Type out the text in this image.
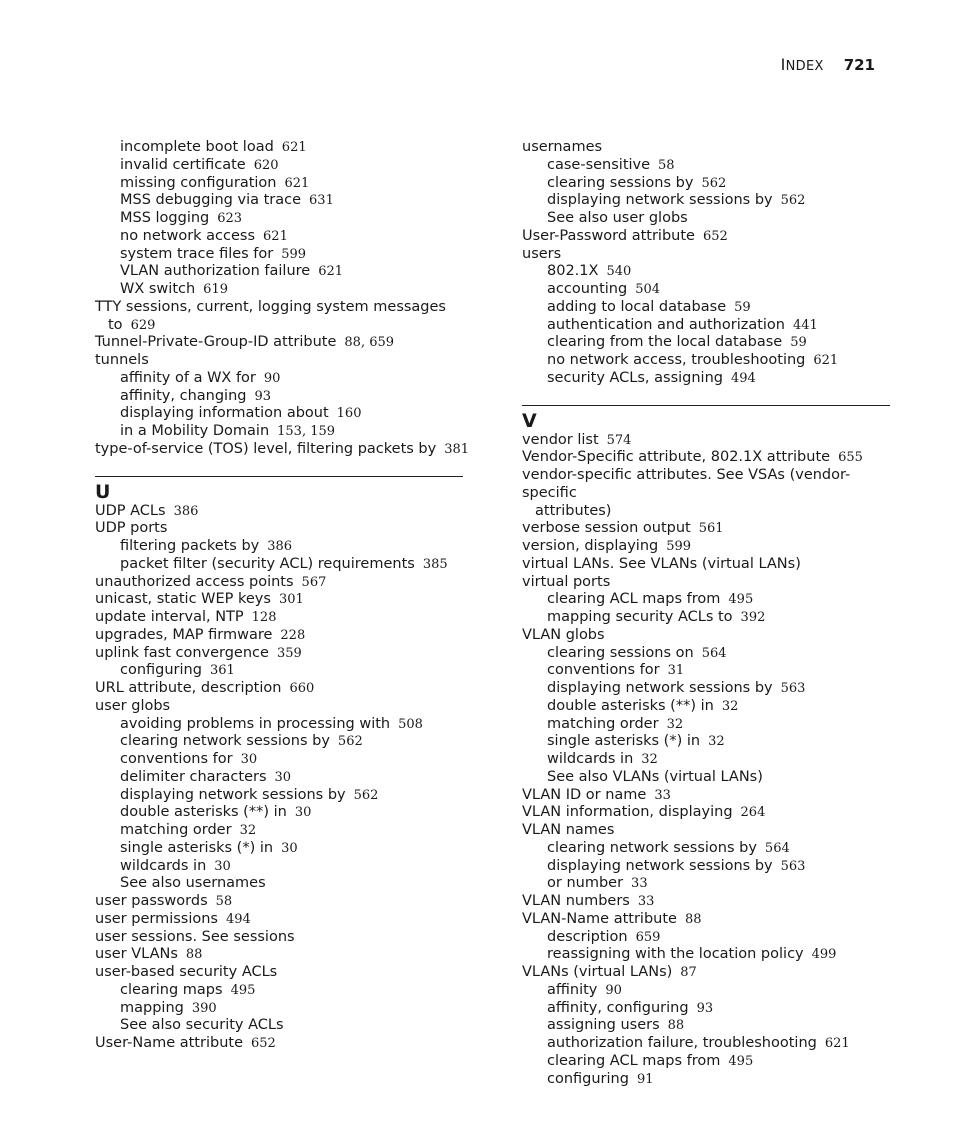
INDEX 721
incomplete boot load 621
invalid certificate 620
missing configuration 621
MSS debugging via trace 631
MSS logging 623
no network access 621
system trace files for 599
VLAN authorization failure 621
WX switch 619
TTY sessions, current, logging system messages
to 629
Tunnel-Private-Group-ID attribute 88, 659
tunnels
affinity of a WX for 90
affinity, changing 93
displaying information about 160
in a Mobility Domain 153, 159
type-of-service (TOS) level, filtering packets by 381
U
UDP ACLs 386
UDP ports
filtering packets by 386
packet filter (security ACL) requirements 385
unauthorized access points 567
unicast, static WEP keys 301
update interval, NTP 128
upgrades, MAP firmware 228
uplink fast convergence 359
configuring 361
URL attribute, description 660
user globs
avoiding problems in processing with 508
clearing network sessions by 562
conventions for 30
delimiter characters 30
displaying network sessions by 562
double asterisks (**) in 30
matching order 32
single asterisks (*) in 30
wildcards in 30
See also usernames
user passwords 58
user permissions 494
user sessions. See sessions
user VLANs 88
user-based security ACLs
clearing maps 495
mapping 390
See also security ACLs
User-Name attribute 652
usernames
case-sensitive 58
clearing sessions by 562
displaying network sessions by 562
See also user globs
User-Password attribute 652
users
802.1X 540
accounting 504
adding to local database 59
authentication and authorization 441
clearing from the local database 59
no network access, troubleshooting 621
security ACLs, assigning 494
V
vendor list 574
Vendor-Specific attribute, 802.1X attribute 655
vendor-specific attributes. See VSAs (vendor-specific
attributes)
verbose session output 561
version, displaying 599
virtual LANs. See VLANs (virtual LANs)
virtual ports
clearing ACL maps from 495
mapping security ACLs to 392
VLAN globs
clearing sessions on 564
conventions for 31
displaying network sessions by 563
double asterisks (**) in 32
matching order 32
single asterisks (*) in 32
wildcards in 32
See also VLANs (virtual LANs)
VLAN ID or name 33
VLAN information, displaying 264
VLAN names
clearing network sessions by 564
displaying network sessions by 563
or number 33
VLAN numbers 33
VLAN-Name attribute 88
description 659
reassigning with the location policy 499
VLANs (virtual LANs) 87
affinity 90
affinity, configuring 93
assigning users 88
authorization failure, troubleshooting 621
clearing ACL maps from 495
configuring 91
